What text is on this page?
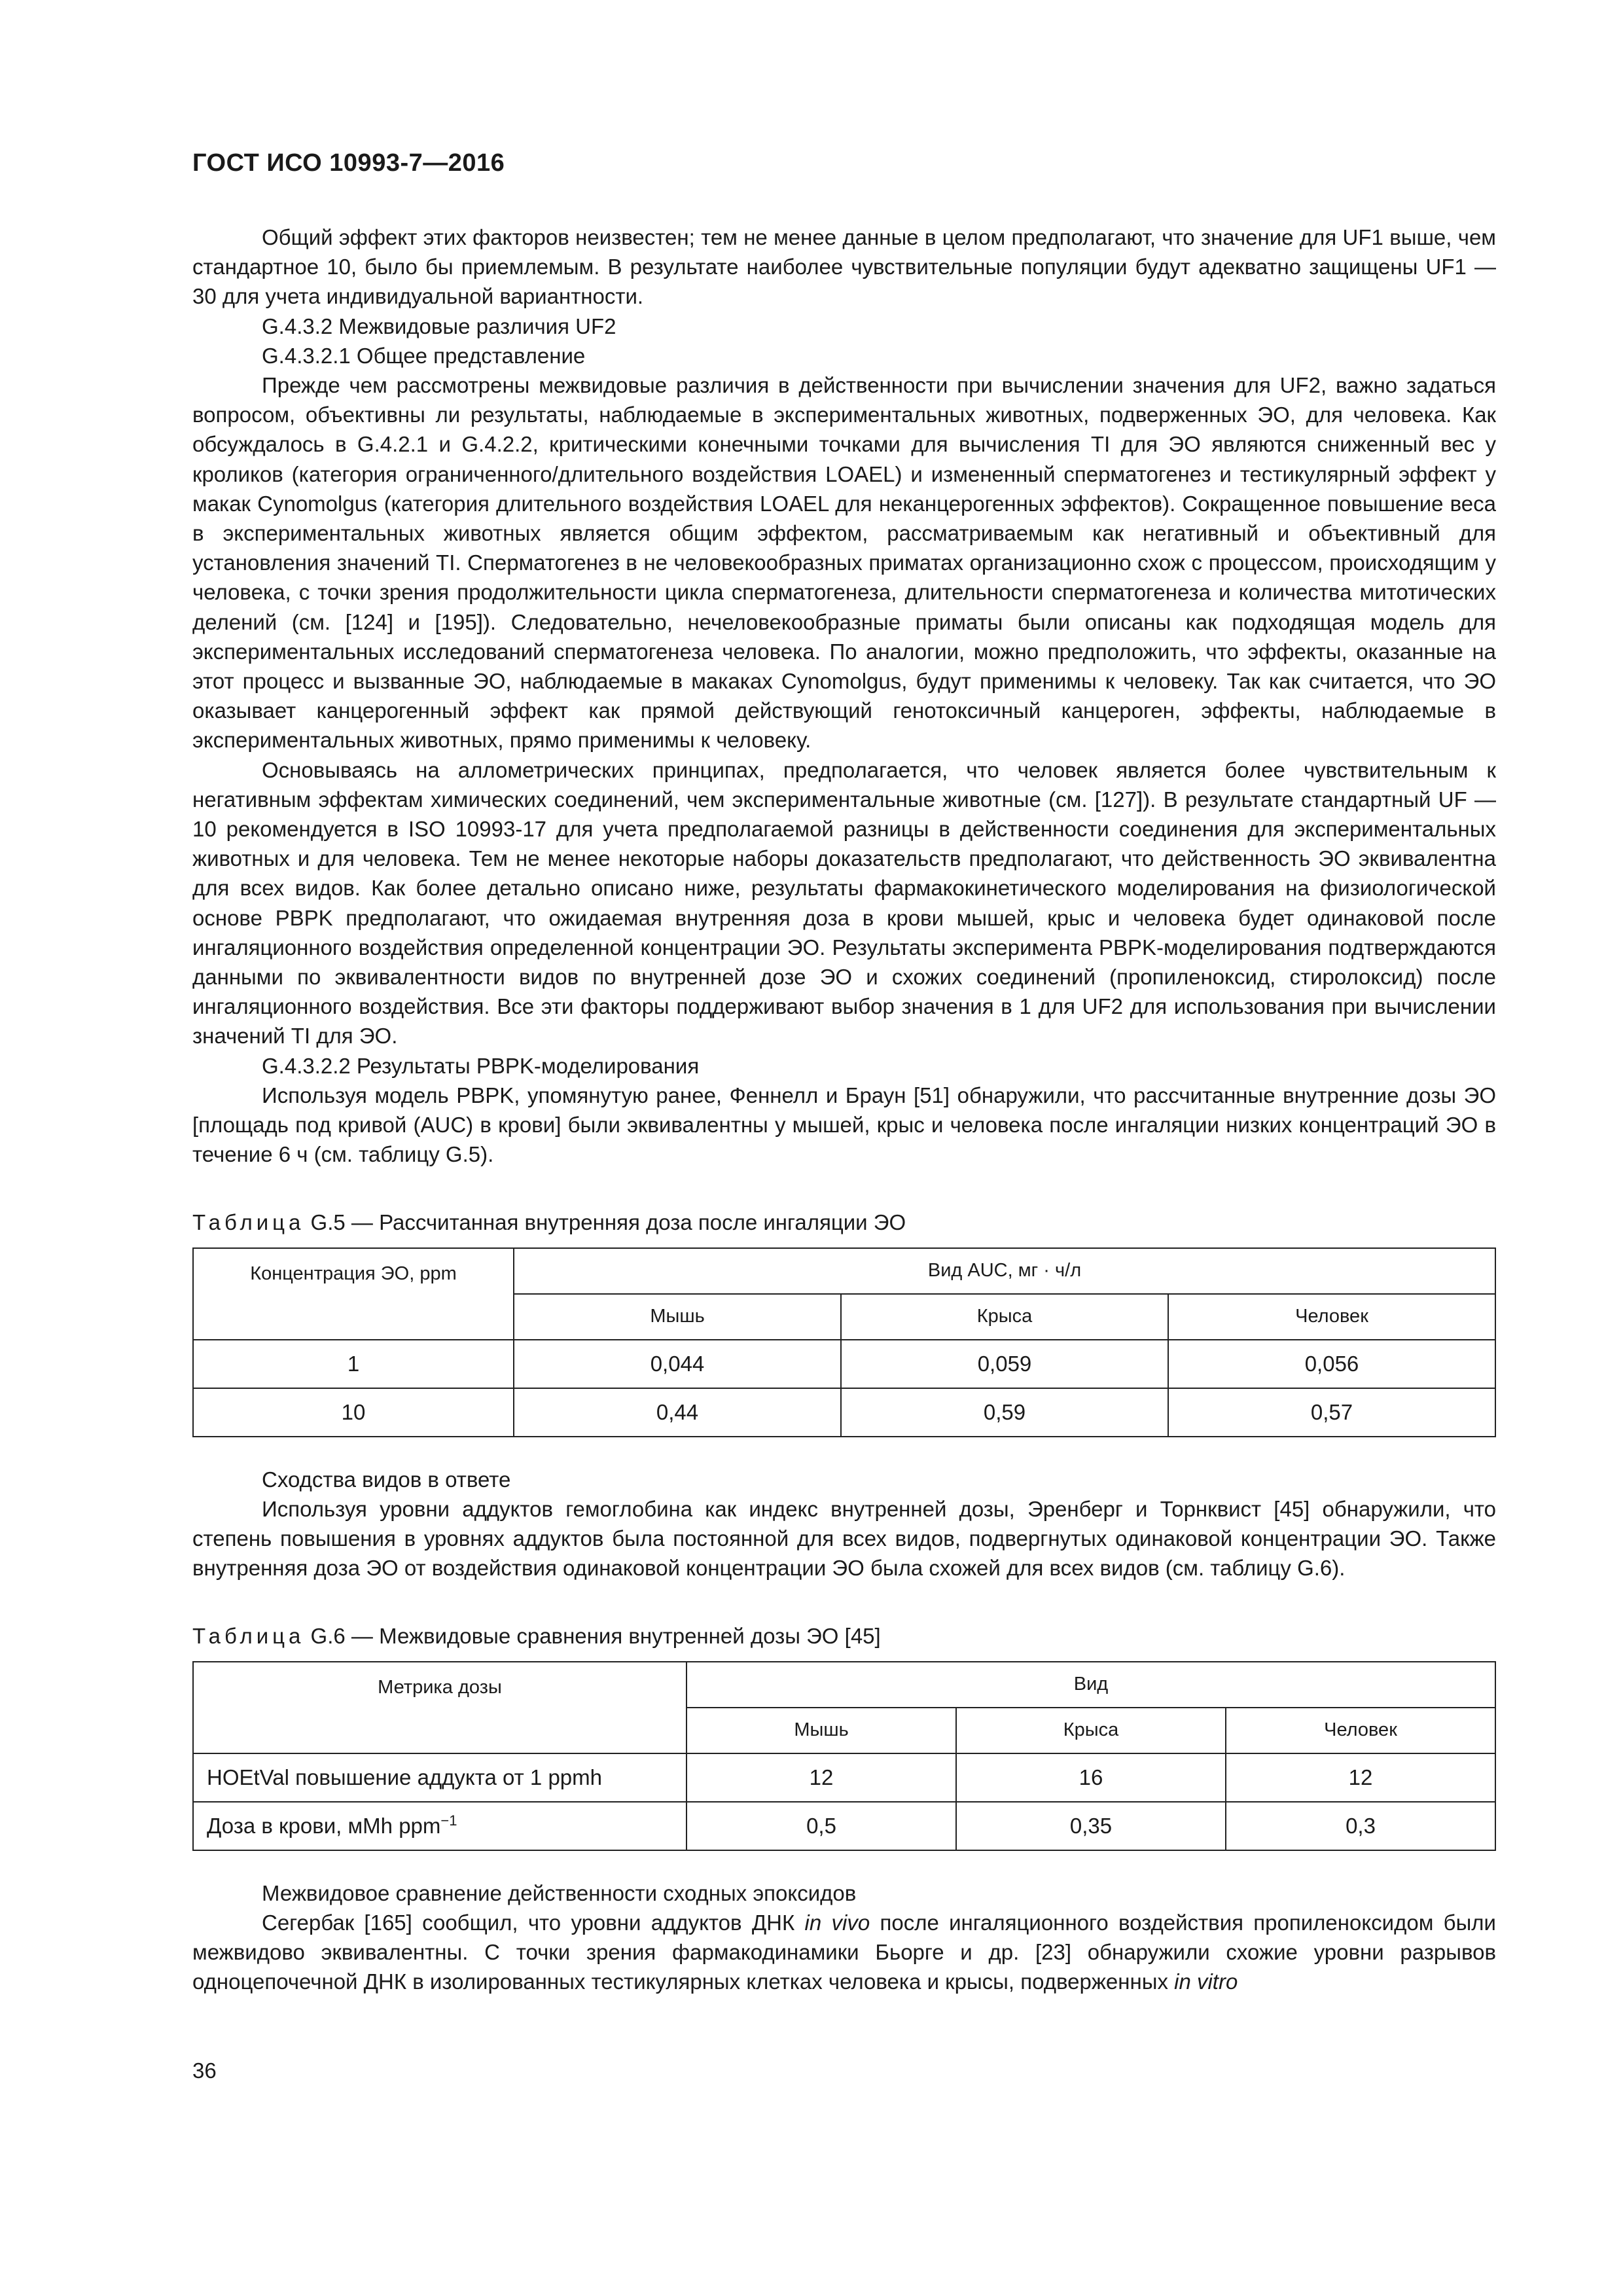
ГОСТ ИСО 10993-7—2016

Общий эффект этих факторов неизвестен; тем не менее данные в целом предполагают, что значение для UF1 выше, чем стандартное 10, было бы приемлемым. В результате наиболее чувствительные популяции будут адекватно защищены UF1 — 30 для учета индивидуальной вариантности.

G.4.3.2 Межвидовые различия UF2

G.4.3.2.1 Общее представление

Прежде чем рассмотрены межвидовые различия в действенности при вычислении значения для UF2, важно задаться вопросом, объективны ли результаты, наблюдаемые в экспериментальных животных, подверженных ЭО, для человека. Как обсуждалось в G.4.2.1 и G.4.2.2, критическими конечными точками для вычисления TI для ЭО являются сниженный вес у кроликов (категория ограниченного/длительного воздействия LOAEL) и измененный сперматогенез и тестикулярный эффект у макак Cynomolgus (категория длительного воздействия LOAEL для неканцерогенных эффектов). Сокращенное повышение веса в экспериментальных животных является общим эффектом, рассматриваемым как негативный и объективный для установления значений TI. Сперматогенез в не человекообразных приматах организационно схож с процессом, происходящим у человека, с точки зрения продолжительности цикла сперматогенеза, длительности сперматогенеза и количества митотических делений (см. [124] и [195]). Следовательно, нечеловекообразные приматы были описаны как подходящая модель для экспериментальных исследований сперматогенеза человека. По аналогии, можно предположить, что эффекты, оказанные на этот процесс и вызванные ЭО, наблюдаемые в макаках Cynomolgus, будут применимы к человеку. Так как считается, что ЭО оказывает канцерогенный эффект как прямой действующий генотоксичный канцероген, эффекты, наблюдаемые в экспериментальных животных, прямо применимы к человеку.

Основываясь на аллометрических принципах, предполагается, что человек является более чувствительным к негативным эффектам химических соединений, чем экспериментальные животные (см. [127]). В результате стандартный UF — 10 рекомендуется в ISO 10993-17 для учета предполагаемой разницы в действенности соединения для экспериментальных животных и для человека. Тем не менее некоторые наборы доказательств предполагают, что действенность ЭО эквивалентна для всех видов. Как более детально описано ниже, результаты фармакокинетического моделирования на физиологической основе PBPK предполагают, что ожидаемая внутренняя доза в крови мышей, крыс и человека будет одинаковой после ингаляционного воздействия определенной концентрации ЭО. Результаты эксперимента PBPK-моделирования подтверждаются данными по эквивалентности видов по внутренней дозе ЭО и схожих соединений (пропиленоксид, стиролоксид) после ингаляционного воздействия. Все эти факторы поддерживают выбор значения в 1 для UF2 для использования при вычислении значений TI для ЭО.

G.4.3.2.2 Результаты PBPK-моделирования

Используя модель PBPK, упомянутую ранее, Феннелл и Браун [51] обнаружили, что рассчитанные внутренние дозы ЭО [площадь под кривой (AUC) в крови] были эквивалентны у мышей, крыс и человека после ингаляции низких концентраций ЭО в течение 6 ч (см. таблицу G.5).

Таблица G.5 — Рассчитанная внутренняя доза после ингаляции ЭО
Концентрация ЭО, ppm	Вид AUC, мг · ч/л		
	Мышь	Крыса	Человек
1	0,044	0,059	0,056
10	0,44	0,59	0,57

Сходства видов в ответе

Используя уровни аддуктов гемоглобина как индекс внутренней дозы, Эренберг и Торнквист [45] обнаружили, что степень повышения в уровнях аддуктов была постоянной для всех видов, подвергнутых одинаковой концентрации ЭО. Также внутренняя доза ЭО от воздействия одинаковой концентрации ЭО была схожей для всех видов (см. таблицу G.6).

Таблица G.6 — Межвидовые сравнения внутренней дозы ЭО [45]
Метрика дозы	Вид		
	Мышь	Крыса	Человек
HOEtVal повышение аддукта от 1 ppmh	12	16	12
Доза в крови, мМh ppm$^{-1}$	0,5	0,35	0,3

Межвидовое сравнение действенности сходных эпоксидов

Сегербак [165] сообщил, что уровни аддуктов ДНК in vivo после ингаляционного воздействия пропиленоксидом были межвидово эквивалентны. С точки зрения фармакодинамики Бьорге и др. [23] обнаружили схожие уровни разрывов одноцепочечной ДНК в изолированных тестикулярных клетках человека и крысы, подверженных in vitro

36
